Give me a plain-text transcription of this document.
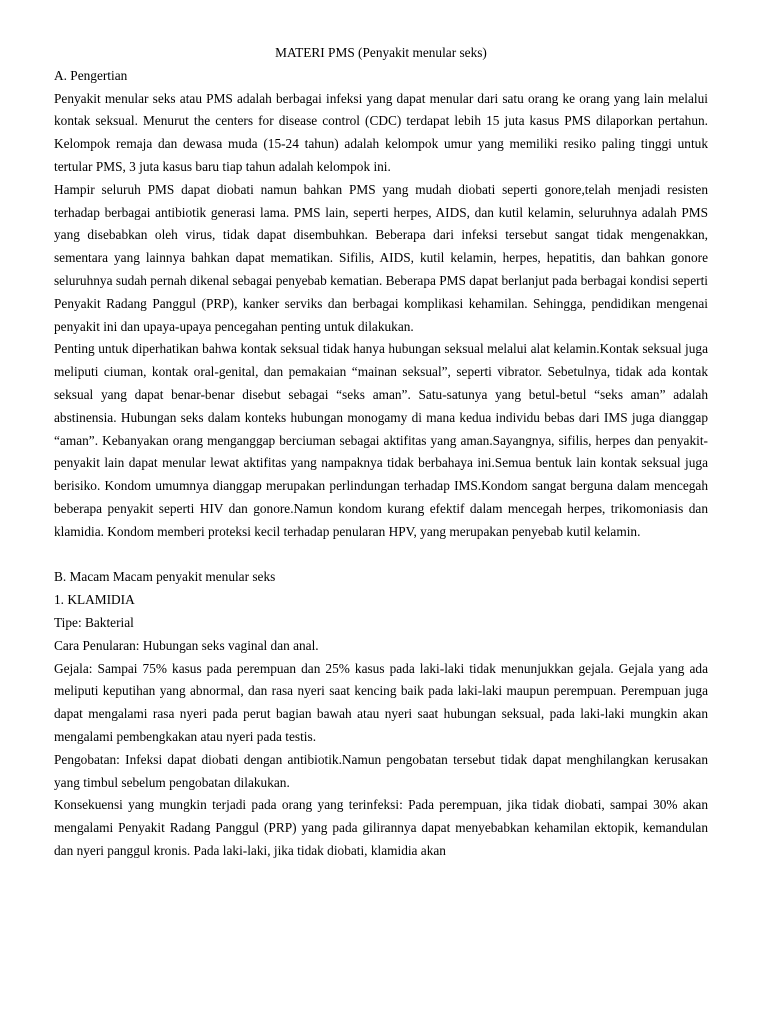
MATERI PMS (Penyakit menular seks)

A. Pengertian

Penyakit menular seks atau PMS adalah berbagai infeksi yang dapat menular dari satu orang ke orang yang lain melalui kontak seksual. Menurut the centers for disease control (CDC) terdapat lebih 15 juta kasus PMS dilaporkan pertahun. Kelompok remaja dan dewasa muda (15-24 tahun) adalah kelompok umur yang memiliki resiko paling tinggi untuk tertular PMS, 3 juta kasus baru tiap tahun adalah kelompok ini.

Hampir seluruh PMS dapat diobati namun bahkan PMS yang mudah diobati seperti gonore,telah menjadi resisten terhadap berbagai antibiotik generasi lama. PMS lain, seperti herpes, AIDS, dan kutil kelamin, seluruhnya adalah PMS yang disebabkan oleh virus, tidak dapat disembuhkan. Beberapa dari infeksi tersebut sangat tidak mengenakkan, sementara yang lainnya bahkan dapat mematikan. Sifilis, AIDS, kutil kelamin, herpes, hepatitis, dan bahkan gonore seluruhnya sudah pernah dikenal sebagai penyebab kematian. Beberapa PMS dapat berlanjut pada berbagai kondisi seperti Penyakit Radang Panggul (PRP), kanker serviks dan berbagai komplikasi kehamilan. Sehingga, pendidikan mengenai penyakit ini dan upaya-upaya pencegahan penting untuk dilakukan.

Penting untuk diperhatikan bahwa kontak seksual tidak hanya hubungan seksual melalui alat kelamin.Kontak seksual juga meliputi ciuman, kontak oral-genital, dan pemakaian “mainan seksual”, seperti vibrator. Sebetulnya, tidak ada kontak seksual yang dapat benar-benar disebut sebagai “seks aman”. Satu-satunya yang betul-betul “seks aman” adalah abstinensia. Hubungan seks dalam konteks hubungan monogamy di mana kedua individu bebas dari IMS juga dianggap “aman”. Kebanyakan orang menganggap berciuman sebagai aktifitas yang aman.Sayangnya, sifilis, herpes dan penyakit-penyakit lain dapat menular lewat aktifitas yang nampaknya tidak berbahaya ini.Semua bentuk lain kontak seksual juga berisiko. Kondom umumnya dianggap merupakan perlindungan terhadap IMS.Kondom sangat berguna dalam mencegah beberapa penyakit seperti HIV dan gonore.Namun kondom kurang efektif dalam mencegah herpes, trikomoniasis dan klamidia. Kondom memberi proteksi kecil terhadap penularan HPV, yang merupakan penyebab kutil kelamin.

B. Macam Macam penyakit menular seks

1. KLAMIDIA

Tipe: Bakterial

Cara Penularan: Hubungan seks vaginal dan anal.

Gejala: Sampai 75% kasus pada perempuan dan 25% kasus pada laki-laki tidak menunjukkan gejala. Gejala yang ada meliputi keputihan yang abnormal, dan rasa nyeri saat kencing baik pada laki-laki maupun perempuan. Perempuan juga dapat mengalami rasa nyeri pada perut bagian bawah atau nyeri saat hubungan seksual, pada laki-laki mungkin akan mengalami pembengkakan atau nyeri pada testis.

Pengobatan: Infeksi dapat diobati dengan antibiotik.Namun pengobatan tersebut tidak dapat menghilangkan kerusakan yang timbul sebelum pengobatan dilakukan.

Konsekuensi yang mungkin terjadi pada orang yang terinfeksi: Pada perempuan, jika tidak diobati, sampai 30% akan mengalami Penyakit Radang Panggul (PRP) yang pada gilirannya dapat menyebabkan kehamilan ektopik, kemandulan dan nyeri panggul kronis. Pada laki-laki, jika tidak diobati, klamidia akan
